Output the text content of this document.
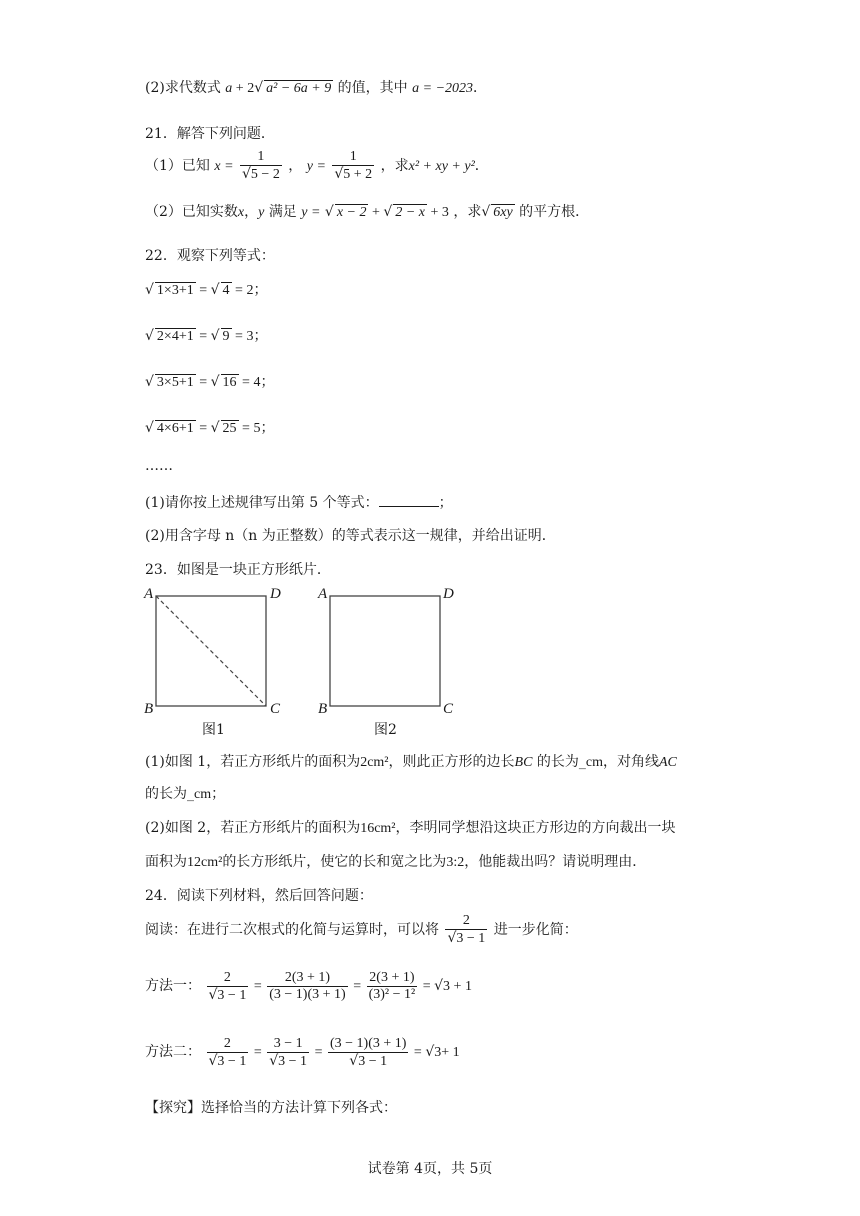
(2)求代数式 a + 2√ a² − 6a + 9 的值，其中 a = −2023．
21．解答下列问题．
（1）已知 $x = \frac{1}{√5 - 2}$ ， $y = \frac{1}{√5 + 2}$ ，求x² + xy + y²．
（2）已知实数x，y 满足 y = √ x − 2 + √ 2 − x + 3 ，求√ 6xy 的平方根．
22．观察下列等式：
√ 1×3+1 = √ 4 = 2；
√ 2×4+1 = √ 9 = 3；
√ 3×5+1 = √ 16 = 4；
√ 4×6+1 = √ 25 = 5；
……
(1)请你按上述规律写出第 5 个等式：	；
(2)用含字母 n（n 为正整数）的等式表示这一规律，并给出证明．
23．如图是一块正方形纸片．
A	D
B	C
图1
A	D
B	C
图2
(1)如图 1，若正方形纸片的面积为2cm²，则此正方形的边长BC 的长为_cm，对角线AC
的长为_cm；
(2)如图 2，若正方形纸片的面积为16cm²，李明同学想沿这块正方形边的方向裁出一块
面积为12cm²的长方形纸片，使它的长和宽之比为3:2，他能裁出吗？请说明理由．
24．阅读下列材料，然后回答问题：
阅读：在进行二次根式的化简与运算时，可以将 $\frac{2}{√3 - 1}$ 进一步化简：
方法一： $\frac{2}{√3 - 1} = \frac{2(3 + 1)}{(3 - 1)(3 + 1)} = \frac{2(3 + 1)}{\text{(3)² − 1²}} = √3 + 1$
方法二： $\frac{2}{√3 - 1} = \frac{3 - 1}{√3 - 1} = \frac{(3 - 1)(3 + 1)}{√3 - 1} = √3+ 1$
【探究】选择恰当的方法计算下列各式：
试卷第 4页，共 5页
